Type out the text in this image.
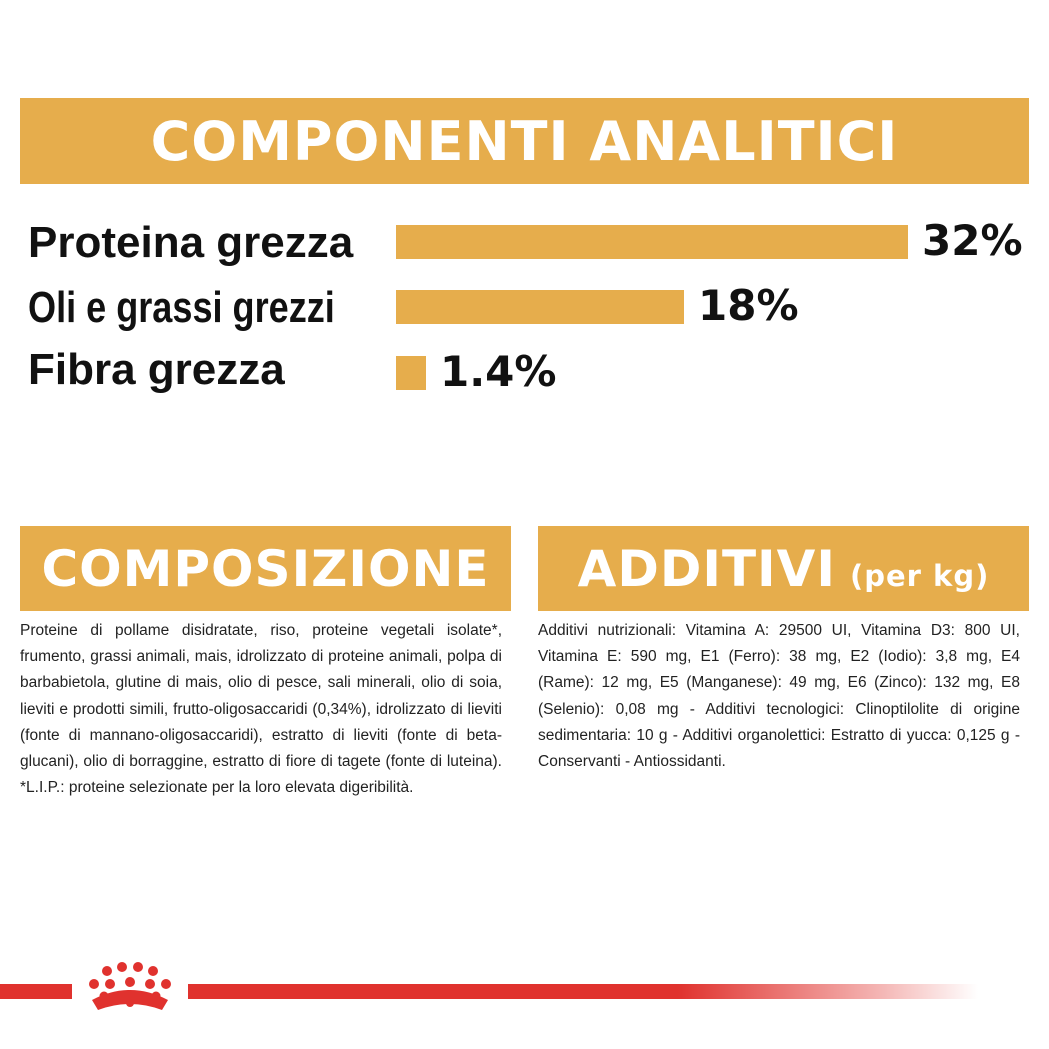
COMPONENTI ANALITICI
Proteina grezza
Oli e grassi grezzi
Fibra grezza
32%
18%
1.4%
COMPOSIZIONE
Proteine di pollame disidratate, riso, proteine vegetali isolate*, frumento, grassi animali, mais, idrolizzato di proteine animali, polpa di barbabietola, glutine di mais, olio di pesce, sali minerali, olio di soia, lieviti e prodotti simili, frutto-oligosaccaridi (0,34%), idrolizzato di lieviti (fonte di mannano-oligosaccaridi), estratto di lieviti (fonte di beta-glucani), olio di borraggine, estratto di fiore di tagete (fonte di luteina). *L.I.P.: proteine selezionate per la loro elevata digeribilità.
ADDITIVI (per kg)
Additivi nutrizionali: Vitamina A: 29500 UI, Vitamina D3: 800 UI, Vitamina E: 590 mg, E1 (Ferro): 38 mg, E2 (Iodio): 3,8 mg, E4 (Rame): 12 mg, E5 (Manganese): 49 mg, E6 (Zinco): 132 mg, E8 (Selenio): 0,08 mg - Additivi tecnologici: Clinoptilolite di origine sedimentaria: 10 g - Additivi organolettici: Estratto di yucca: 0,125 g - Conservanti - Antiossidanti.
